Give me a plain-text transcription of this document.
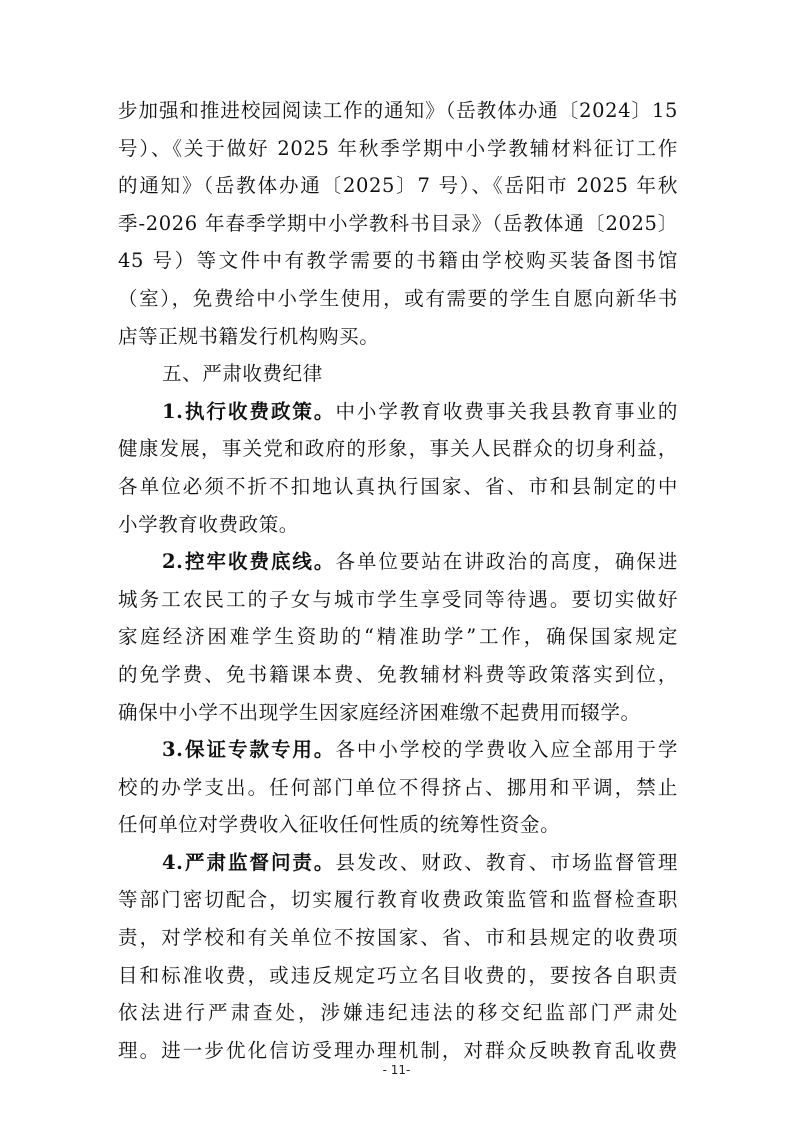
步加强和推进校园阅读工作的通知》（岳教体办通〔2024〕15
号）、《关于做好 2025 年秋季学期中小学教辅材料征订工作
的通知》（岳教体办通〔2025〕7 号）、《岳阳市 2025 年秋
季-2026 年春季学期中小学教科书目录》（岳教体通〔2025〕
45 号）等文件中有教学需要的书籍由学校购买装备图书馆
（室），免费给中小学生使用，或有需要的学生自愿向新华书
店等正规书籍发行机构购买。
五、严肃收费纪律
1.执行收费政策。中小学教育收费事关我县教育事业的
健康发展，事关党和政府的形象，事关人民群众的切身利益，
各单位必须不折不扣地认真执行国家、省、市和县制定的中
小学教育收费政策。
2.控牢收费底线。各单位要站在讲政治的高度，确保进
城务工农民工的子女与城市学生享受同等待遇。要切实做好
家庭经济困难学生资助的“精准助学”工作，确保国家规定
的免学费、免书籍课本费、免教辅材料费等政策落实到位，
确保中小学不出现学生因家庭经济困难缴不起费用而辍学。
3.保证专款专用。各中小学校的学费收入应全部用于学
校的办学支出。任何部门单位不得挤占、挪用和平调，禁止
任何单位对学费收入征收任何性质的统筹性资金。
4.严肃监督问责。县发改、财政、教育、市场监督管理
等部门密切配合，切实履行教育收费政策监管和监督检查职
责，对学校和有关单位不按国家、省、市和县规定的收费项
目和标准收费，或违反规定巧立名目收费的，要按各自职责
依法进行严肃查处，涉嫌违纪违法的移交纪监部门严肃处
理。进一步优化信访受理办理机制，对群众反映教育乱收费
- 11-
